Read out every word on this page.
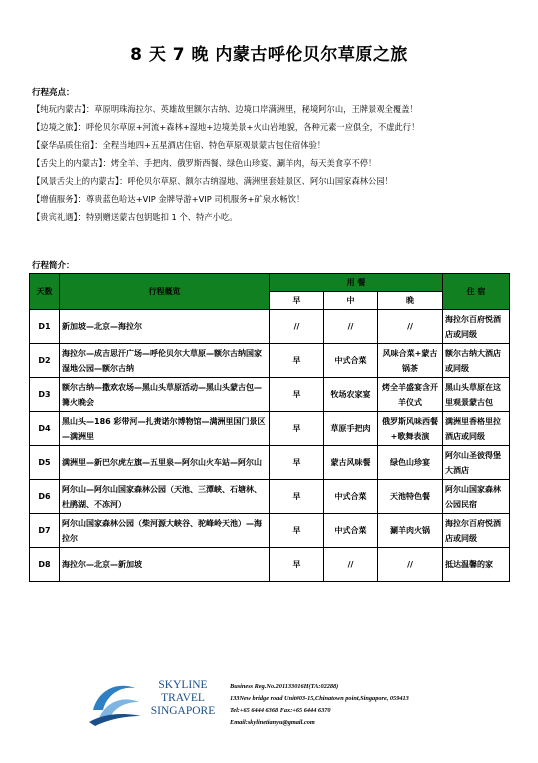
8 天 7 晚 内蒙古呼伦贝尔草原之旅
行程亮点：
【纯玩内蒙古】：草原明珠海拉尔、英雄故里额尔古纳、边境口岸满洲里，秘境阿尔山，王牌景观全覆盖！
【边境之旅】：呼伦贝尔草原+河流+森林+湿地+边境美景+火山岩地貌，各种元素一应俱全，不虚此行！
【豪华品质住宿】：全程当地四+五星酒店住宿、特色草原观景蒙古包住宿体验！
【舌尖上的内蒙古】：烤全羊、手把肉、俄罗斯西餐、绿色山珍宴、涮羊肉，每天美食享不停！
【风景舌尖上的内蒙古】：呼伦贝尔草原、额尔古纳湿地、满洲里套娃景区、阿尔山国家森林公园！
【增值服务】：尊贵蓝色哈达+VIP 金牌导游+VIP 司机服务+矿泉水畅饮！
【贵宾礼遇】：特别赠送蒙古包钥匙扣 1 个、特产小吃。
行程简介：
天数	行程概览	用 餐			住 宿
		早	中	晚	
D1	新加坡—北京—海拉尔	//	//	//	海拉尔百府悦酒店或同级
D2	海拉尔—成吉思汗广场—呼伦贝尔大草原—额尔古纳国家湿地公园—额尔古纳	早	中式合菜	风味合菜+蒙古锅茶	额尔古纳大酒店或同级
D3	额尔古纳—撒欢农场—黑山头草原活动—黑山头蒙古包—篝火晚会	早	牧场农家宴	烤全羊盛宴含开羊仪式	黑山头草原在这里观景蒙古包
D4	黑山头—186 彩带河—扎赉诺尔博物馆—满洲里国门景区—满洲里	早	草原手把肉	俄罗斯风味西餐+歌舞表演	满洲里香格里拉酒店或同级
D5	满洲里—新巴尔虎左旗—五里泉—阿尔山火车站—阿尔山	早	蒙古风味餐	绿色山珍宴	阿尔山圣彼得堡大酒店
D6	阿尔山—阿尔山国家森林公园（天池、三潭峡、石塘林、杜鹃湖、不冻河）	早	中式合菜	天池特色餐	阿尔山国家森林公园民宿
D7	阿尔山国家森林公园（柴河源大峡谷、驼峰岭天池）—海拉尔	早	中式合菜	涮羊肉火锅	海拉尔百府悦酒店或同级
D8	海拉尔—北京—新加坡	早	//	//	抵达温馨的家
SKYLINE
TRAVEL
SINGAPORE
Business Reg.No.201133016H(TA:02288)
133New bridge road Unit#03-15,Chinatown point,Singapore, 059413
Tel:+65 6444 6368 Fax:+65 6444 6370
Email:skylinetianyu@gmail.com
